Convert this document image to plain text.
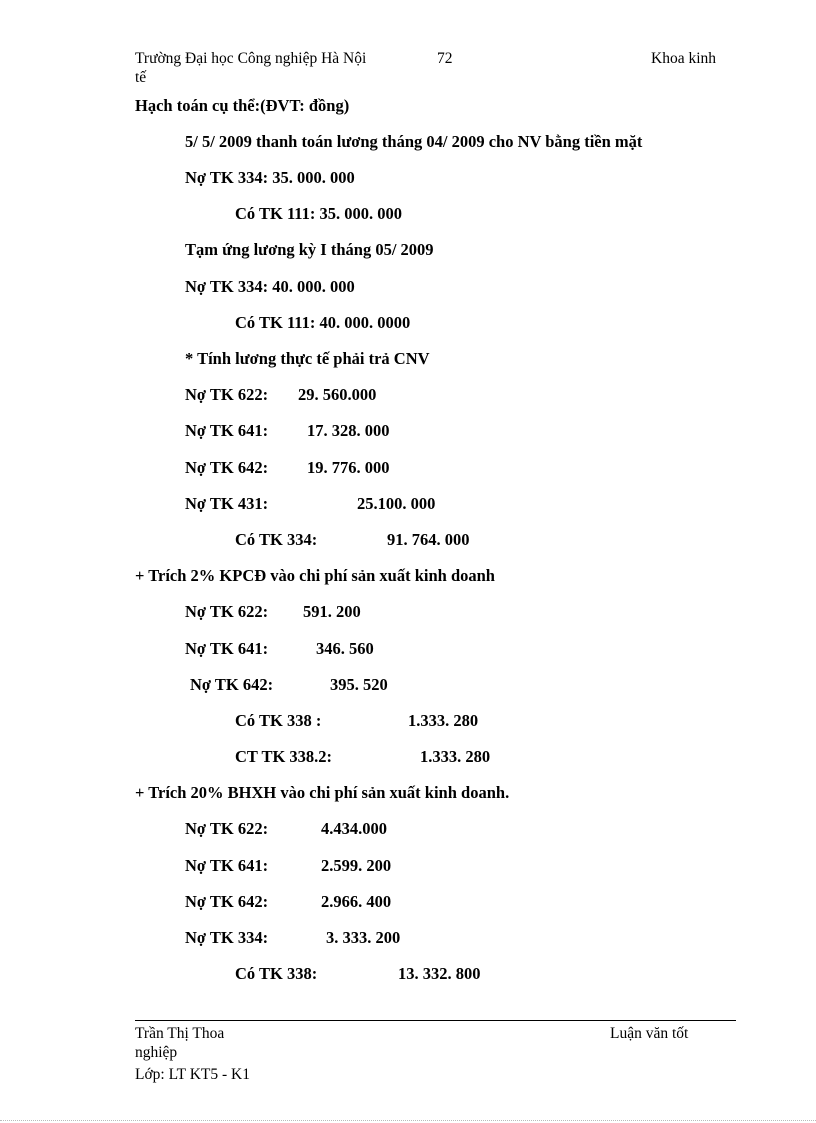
Trường Đại học Công nghiệp Hà Nội	72	Khoa kinh
tế
Hạch toán cụ thể:(ĐVT: đồng)
5/ 5/ 2009 thanh toán lương tháng 04/ 2009 cho NV bằng tiền mặt
Nợ TK 334: 35. 000. 000
Có TK 111: 35. 000. 000
Tạm ứng lương kỳ I tháng 05/ 2009
Nợ TK 334: 40. 000. 000
Có TK 111: 40. 000. 0000
* Tính lương thực tế phải trả CNV
Nợ TK 622: 29. 560.000
Nợ TK 641: 17. 328. 000
Nợ TK 642: 19. 776. 000
Nợ TK 431:	25.100. 000
Có TK 334:	91. 764. 000
+ Trích 2% KPCĐ vào chi phí sản xuất kinh doanh
Nợ TK 622: 591. 200
Nợ TK 641:	346. 560
Nợ TK 642:	395. 520
Có TK 338 :	1.333. 280
CT TK 338.2:	1.333. 280
+ Trích 20% BHXH vào chi phí sản xuất kinh doanh.
Nợ TK 622:	4.434.000
Nợ TK 641:	2.599. 200
Nợ TK 642:	2.966. 400
Nợ TK 334:	3. 333. 200
Có TK 338:	13. 332. 800
Trần Thị Thoa	Luận văn tốt
nghiệp
Lớp: LT KT5 - K1
